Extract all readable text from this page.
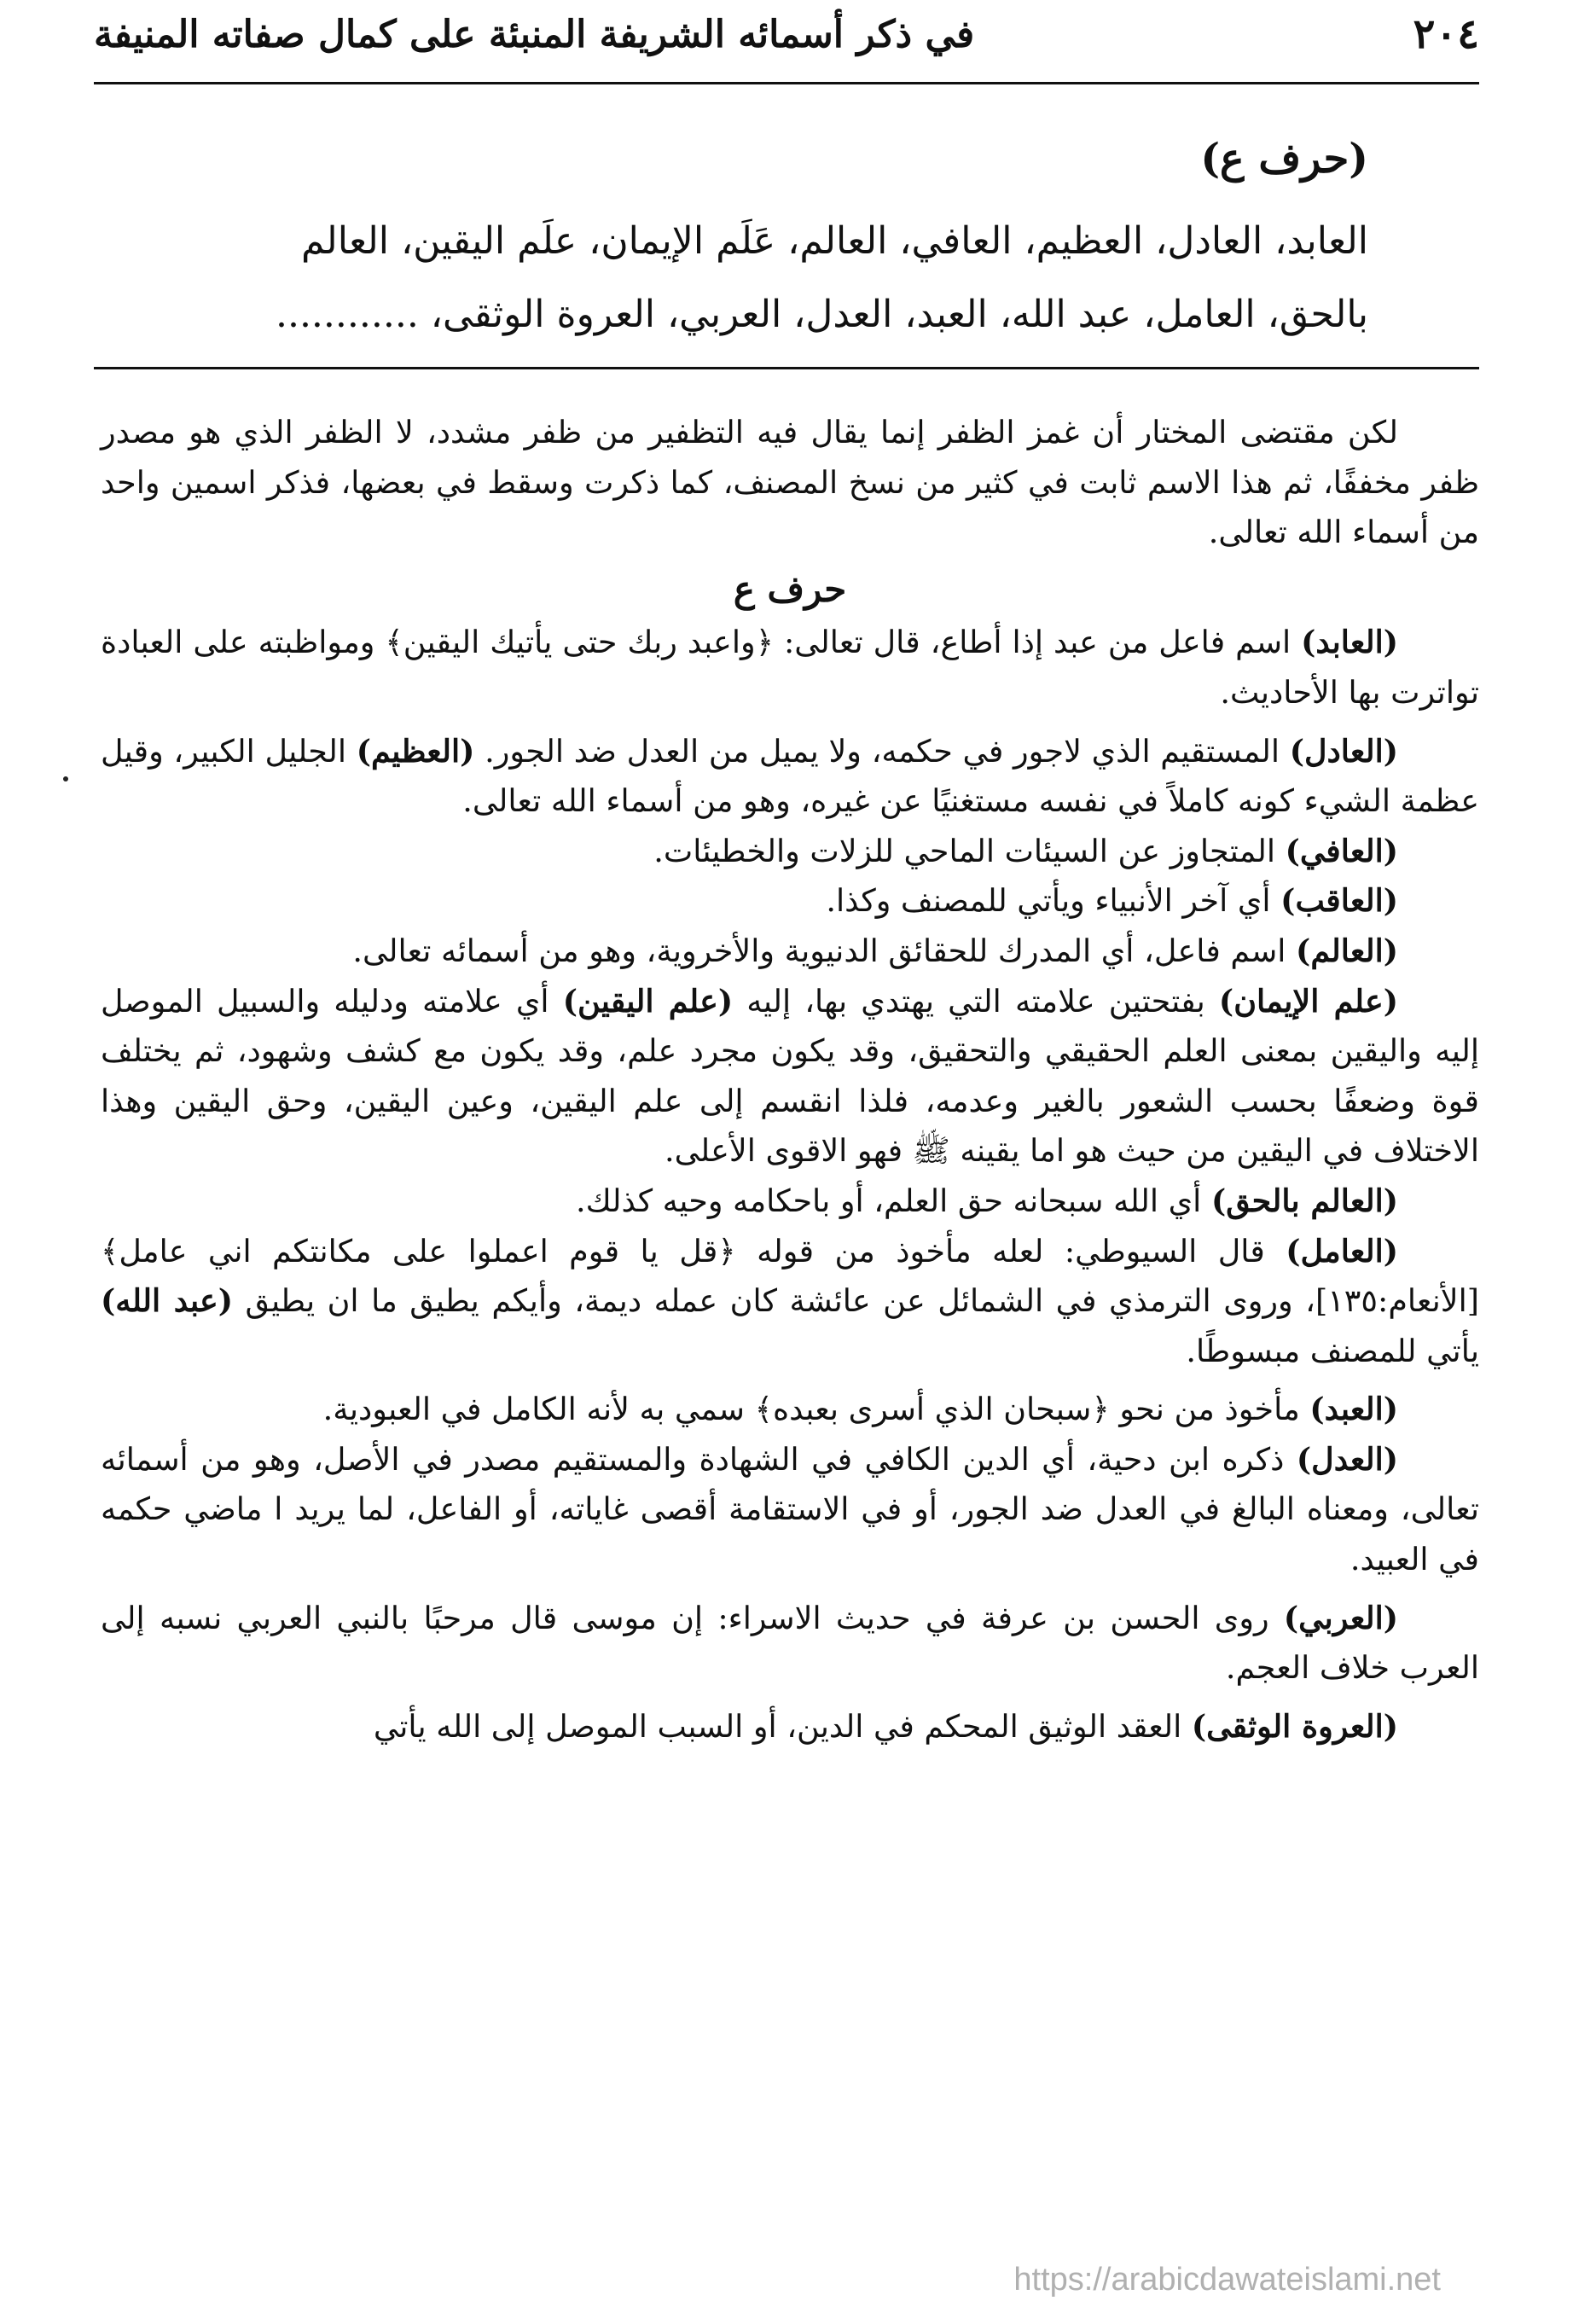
٢٠٤
في ذكر أسمائه الشريفة المنبئة على كمال صفاته المنيفة
(حرف ع)
العابد، العادل، العظيم، العافي، العالم، عَلَم الإيمان، علَم اليقين، العالم
بالحق، العامل، عبد الله، العبد، العدل، العربي، العروة الوثقى، ............

لكن مقتضى المختار أن غمز الظفر إنما يقال فيه التظفير من ظفر مشدد، لا الظفر الذي هو مصدر ظفر مخففًا، ثم هذا الاسم ثابت في كثير من نسخ المصنف، كما ذكرت وسقط في بعضها، فذكر اسمين واحد من أسماء الله تعالى.

حرف ع

(العابد) اسم فاعل من عبد إذا أطاع، قال تعالى: ﴿واعبد ربك حتى يأتيك اليقين﴾ ومواظبته على العبادة تواترت بها الأحاديث.

(العادل) المستقيم الذي لاجور في حكمه، ولا يميل من العدل ضد الجور. (العظيم) الجليل الكبير، وقيل عظمة الشيء كونه كاملاً في نفسه مستغنيًا عن غيره، وهو من أسماء الله تعالى.

(العافي) المتجاوز عن السيئات الماحي للزلات والخطيئات.

(العاقب) أي آخر الأنبياء ويأتي للمصنف وكذا.

(العالم) اسم فاعل، أي المدرك للحقائق الدنيوية والأخروية، وهو من أسمائه تعالى.

(علم الإيمان) بفتحتين علامته التي يهتدي بها، إليه (علم اليقين) أي علامته ودليله والسبيل الموصل إليه واليقين بمعنى العلم الحقيقي والتحقيق، وقد يكون مجرد علم، وقد يكون مع كشف وشهود، ثم يختلف قوة وضعفًا بحسب الشعور بالغير وعدمه، فلذا انقسم إلى علم اليقين، وعين اليقين، وحق اليقين وهذا الاختلاف في اليقين من حيث هو اما يقينه ﷺ فهو الاقوى الأعلى.

(العالم بالحق) أي الله سبحانه حق العلم، أو باحكامه وحيه كذلك.

(العامل) قال السيوطي: لعله مأخوذ من قوله ﴿قل يا قوم اعملوا على مكانتكم اني عامل﴾ [الأنعام:١٣٥]، وروى الترمذي في الشمائل عن عائشة كان عمله ديمة، وأيكم يطيق ما ان يطيق (عبد الله) يأتي للمصنف مبسوطًا.

(العبد) مأخوذ من نحو ﴿سبحان الذي أسرى بعبده﴾ سمي به لأنه الكامل في العبودية.

(العدل) ذكره ابن دحية، أي الدين الكافي في الشهادة والمستقيم مصدر في الأصل، وهو من أسمائه تعالى، ومعناه البالغ في العدل ضد الجور، أو في الاستقامة أقصى غاياته، أو الفاعل، لما يريد ا ماضي حكمه في العبيد.

(العربي) روى الحسن بن عرفة في حديث الاسراء: إن موسى قال مرحبًا بالنبي العربي نسبه إلى العرب خلاف العجم.

(العروة الوثقى) العقد الوثيق المحكم في الدين، أو السبب الموصل إلى الله يأتي

https://arabicdawateislami.net
